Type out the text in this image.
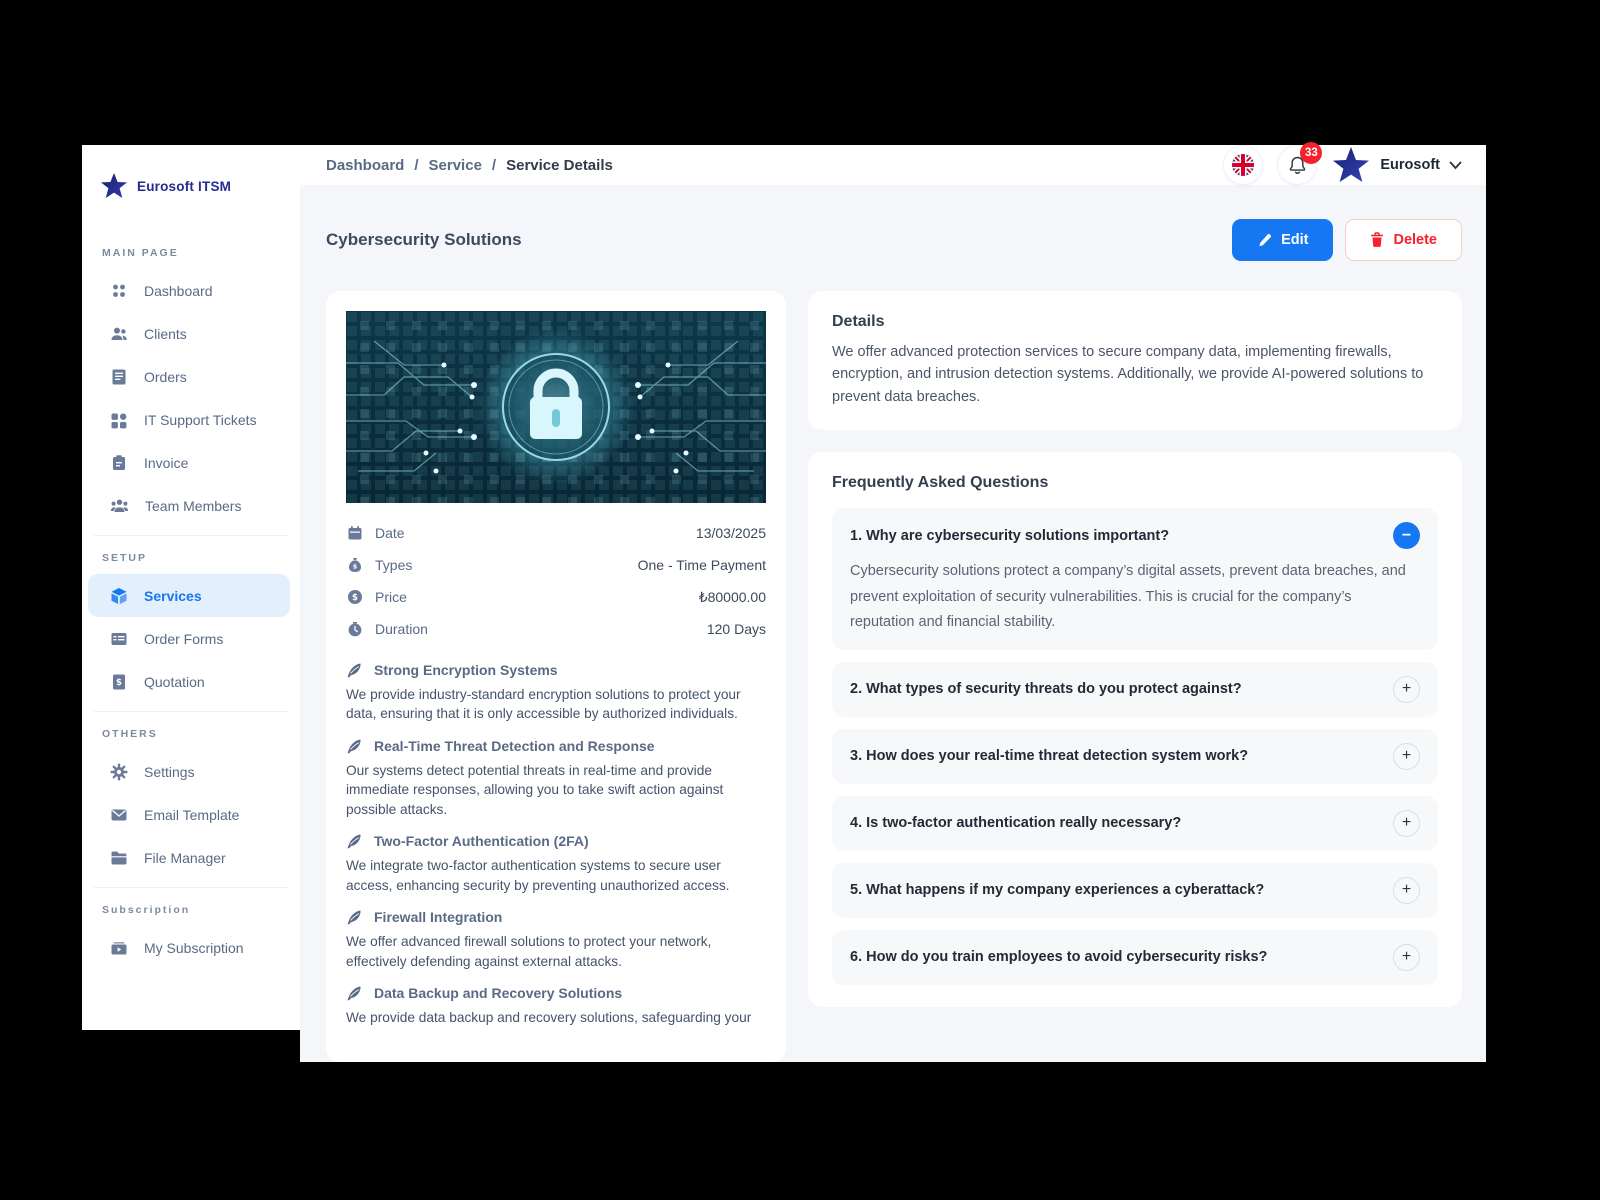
Eurosoft ITSM
MAIN PAGE
Dashboard
Clients
Orders
IT Support Tickets
Invoice
Team Members
SETUP
Services
Order Forms
$ Quotation
OTHERS
Settings
Email Template
File Manager
Subscription
My Subscription
Dashboard / Service / Service Details
33
Eurosoft
Cybersecurity Solutions	Edit	Delete
Date	13/03/2025
$ Types	One - Time Payment
$ Price	₺80000.00
Duration	120 Days
Strong Encryption Systems

We provide industry-standard encryption solutions to protect your data, ensuring that it is only accessible by authorized individuals.

Real-Time Threat Detection and Response

Our systems detect potential threats in real-time and provide immediate responses, allowing you to take swift action against possible attacks.

Two-Factor Authentication (2FA)

We integrate two-factor authentication systems to secure user access, enhancing security by preventing unauthorized access.

Firewall Integration

We offer advanced firewall solutions to protect your network, effectively defending against external attacks.

Data Backup and Recovery Solutions

We provide data backup and recovery solutions, safeguarding your

Details

We offer advanced protection services to secure company data, implementing firewalls, encryption, and intrusion detection systems. Additionally, we provide AI-powered solutions to prevent data breaches.

Frequently Asked Questions
1. Why are cybersecurity solutions important?	−

Cybersecurity solutions protect a company’s digital assets, prevent data breaches, and prevent exploitation of security vulnerabilities. This is crucial for the company’s reputation and financial stability.

2. What types of security threats do you protect against?	+
3. How does your real-time threat detection system work?	+
4. Is two-factor authentication really necessary?	+
5. What happens if my company experiences a cyberattack?	+
6. How do you train employees to avoid cybersecurity risks?	+
